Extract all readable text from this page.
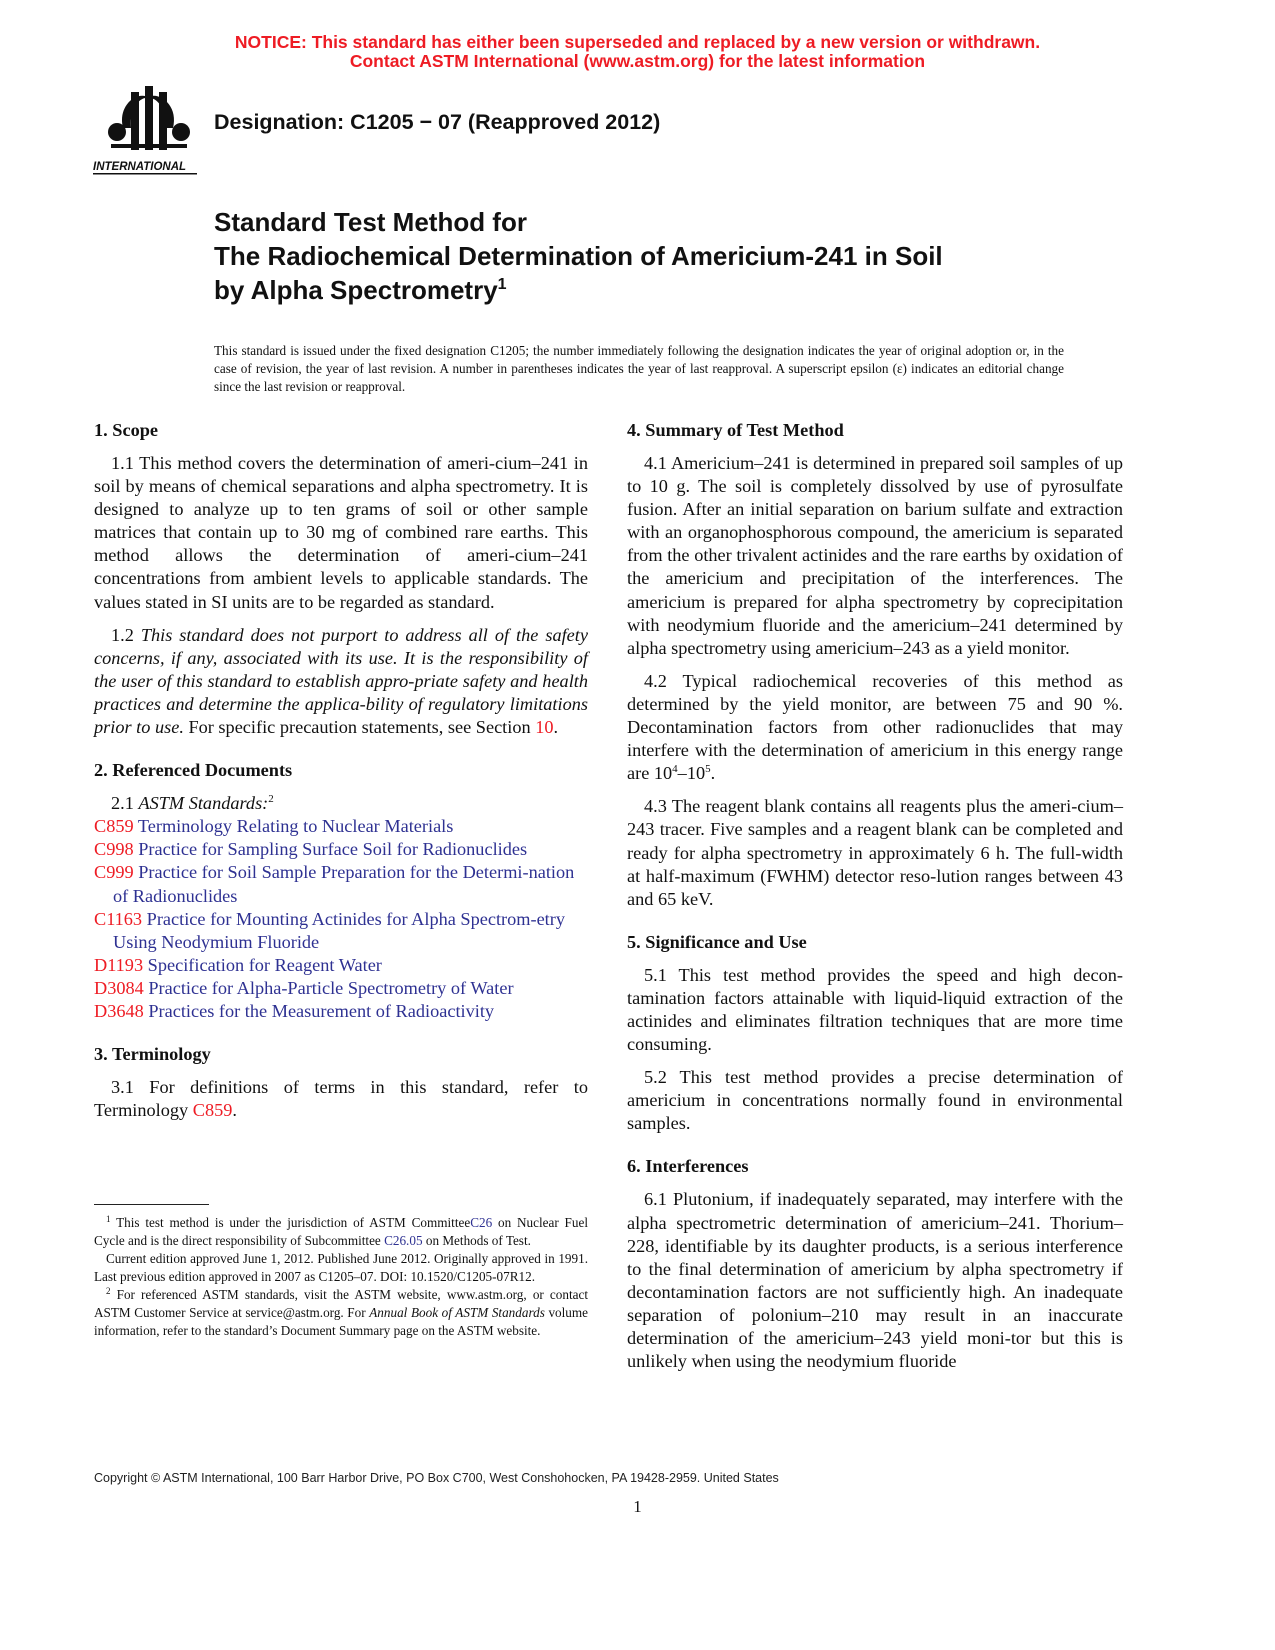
NOTICE: This standard has either been superseded and replaced by a new version or withdrawn.
Contact ASTM International (www.astm.org) for the latest information
INTERNATIONAL
Designation: C1205 − 07 (Reapproved 2012)
Standard Test Method for
The Radiochemical Determination of Americium-241 in Soil
by Alpha Spectrometry$^1$
This standard is issued under the fixed designation C1205; the number immediately following the designation indicates the year of original adoption or, in the case of revision, the year of last revision. A number in parentheses indicates the year of last reapproval. A superscript epsilon (ε) indicates an editorial change since the last revision or reapproval.
1. Scope

1.1 This method covers the determination of ameri-cium–241 in soil by means of chemical separations and alpha spectrometry. It is designed to analyze up to ten grams of soil or other sample matrices that contain up to 30 mg of combined rare earths. This method allows the determination of ameri-cium–241 concentrations from ambient levels to applicable standards. The values stated in SI units are to be regarded as standard.

1.2 This standard does not purport to address all of the safety concerns, if any, associated with its use. It is the responsibility of the user of this standard to establish appro-priate safety and health practices and determine the applica-bility of regulatory limitations prior to use. For specific precaution statements, see Section 10.

2. Referenced Documents

2.1 ASTM Standards:$^2$

C859 Terminology Relating to Nuclear Materials
C998 Practice for Sampling Surface Soil for Radionuclides
C999 Practice for Soil Sample Preparation for the Determi-nation of Radionuclides
C1163 Practice for Mounting Actinides for Alpha Spectrom-etry Using Neodymium Fluoride
D1193 Specification for Reagent Water
D3084 Practice for Alpha-Particle Spectrometry of Water
D3648 Practices for the Measurement of Radioactivity
3. Terminology

3.1 For definitions of terms in this standard, refer to Terminology C859.

$^1$ This test method is under the jurisdiction of ASTM CommitteeC26 on Nuclear Fuel Cycle and is the direct responsibility of Subcommittee C26.05 on Methods of Test.

Current edition approved June 1, 2012. Published June 2012. Originally approved in 1991. Last previous edition approved in 2007 as C1205–07. DOI: 10.1520/C1205-07R12.

$^2$ For referenced ASTM standards, visit the ASTM website, www.astm.org, or contact ASTM Customer Service at service@astm.org. For Annual Book of ASTM Standards volume information, refer to the standard’s Document Summary page on the ASTM website.

4. Summary of Test Method

4.1 Americium–241 is determined in prepared soil samples of up to 10 g. The soil is completely dissolved by use of pyrosulfate fusion. After an initial separation on barium sulfate and extraction with an organophosphorous compound, the americium is separated from the other trivalent actinides and the rare earths by oxidation of the americium and precipitation of the interferences. The americium is prepared for alpha spectrometry by coprecipitation with neodymium fluoride and the americium–241 determined by alpha spectrometry using americium–243 as a yield monitor.

4.2 Typical radiochemical recoveries of this method as determined by the yield monitor, are between 75 and 90 %. Decontamination factors from other radionuclides that may interfere with the determination of americium in this energy range are $10^4-10^5$.

4.3 The reagent blank contains all reagents plus the ameri-cium–243 tracer. Five samples and a reagent blank can be completed and ready for alpha spectrometry in approximately 6 h. The full-width at half-maximum (FWHM) detector reso-lution ranges between 43 and 65 keV.

5. Significance and Use

5.1 This test method provides the speed and high decon-tamination factors attainable with liquid-liquid extraction of the actinides and eliminates filtration techniques that are more time consuming.

5.2 This test method provides a precise determination of americium in concentrations normally found in environmental samples.

6. Interferences

6.1 Plutonium, if inadequately separated, may interfere with the alpha spectrometric determination of americium–241. Thorium–228, identifiable by its daughter products, is a serious interference to the final determination of americium by alpha spectrometry if decontamination factors are not sufficiently high. An inadequate separation of polonium–210 may result in an inaccurate determination of the americium–243 yield moni-tor but this is unlikely when using the neodymium fluoride

Copyright © ASTM International, 100 Barr Harbor Drive, PO Box C700, West Conshohocken, PA 19428-2959. United States
1
